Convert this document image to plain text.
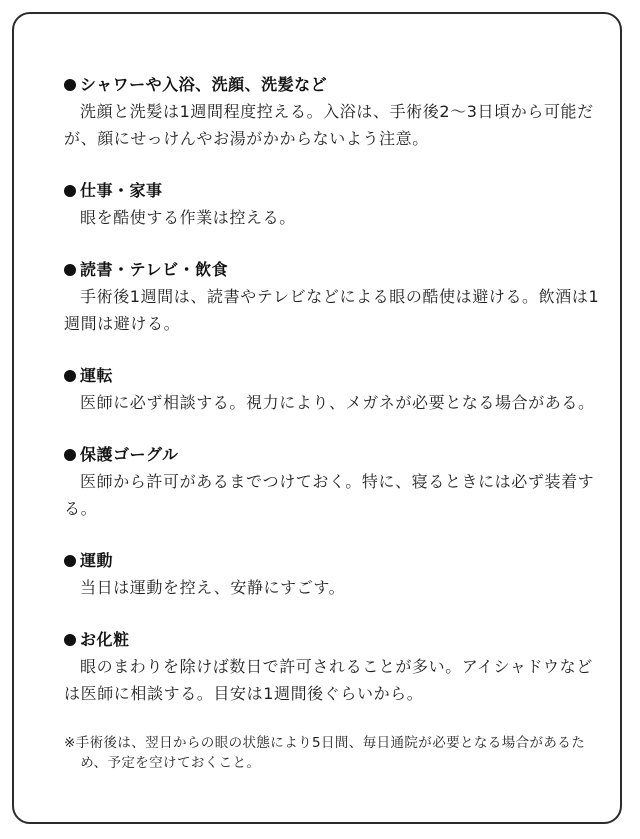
シャワーや入浴、洗顔、洗髪など

洗顔と洗髪は1週間程度控える。入浴は、手術後2〜3日頃から可能だが、顔にせっけんやお湯がかからないよう注意。

仕事・家事

眼を酷使する作業は控える。

読書・テレビ・飲食

手術後1週間は、読書やテレビなどによる眼の酷使は避ける。飲酒は1週間は避ける。

運転

医師に必ず相談する。視力により、メガネが必要となる場合がある。

保護ゴーグル

医師から許可があるまでつけておく。特に、寝るときには必ず装着する。

運動

当日は運動を控え、安静にすごす。

お化粧

眼のまわりを除けば数日で許可されることが多い。アイシャドウなどは医師に相談する。目安は1週間後ぐらいから。

※手術後は、翌日からの眼の状態により5日間、毎日通院が必要となる場合があるため、予定を空けておくこと。
